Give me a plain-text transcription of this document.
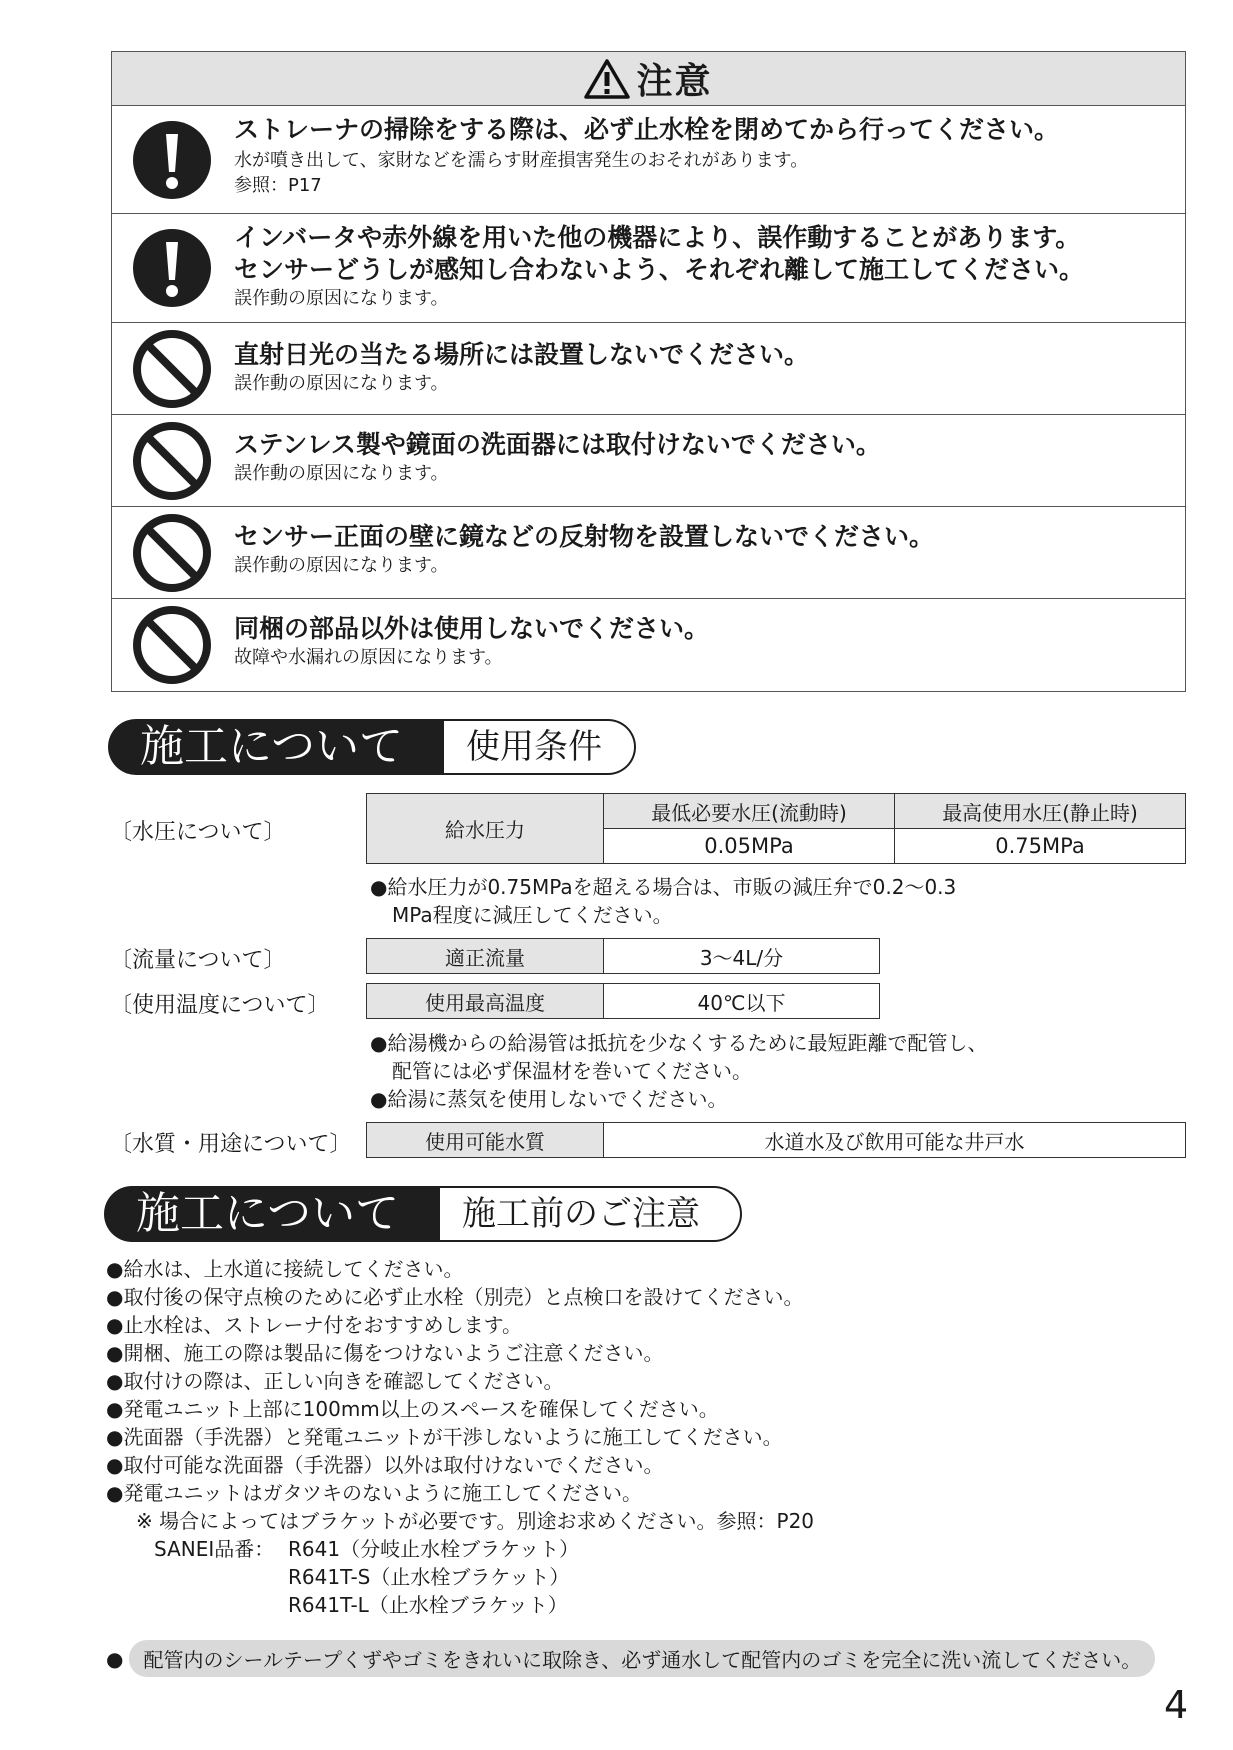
注意
ストレーナの掃除をする際は、必ず止水栓を閉めてから行ってください。
水が噴き出して、家財などを濡らす財産損害発生のおそれがあります。
参照：P17
インバータや赤外線を用いた他の機器により、誤作動することがあります。
センサーどうしが感知し合わないよう、それぞれ離して施工してください。
誤作動の原因になります。
直射日光の当たる場所には設置しないでください。
誤作動の原因になります。
ステンレス製や鏡面の洗面器には取付けないでください。
誤作動の原因になります。
センサー正面の壁に鏡などの反射物を設置しないでください。
誤作動の原因になります。
同梱の部品以外は使用しないでください。
故障や水漏れの原因になります。
施工について	使用条件
〔水圧について〕	給水圧力	最低必要水圧(流動時)	最高使用水圧(静止時)
	0.05MPa	0.75MPa
●給水圧力が0.75MPaを超える場合は、市販の減圧弁で0.2～0.3
MPa程度に減圧してください。
〔流量について〕	適正流量	3～4L/分
〔使用温度について〕	使用最高温度	40℃以下
●給湯機からの給湯管は抵抗を少なくするために最短距離で配管し、
配管には必ず保温材を巻いてください。
●給湯に蒸気を使用しないでください。
〔水質・用途について〕	使用可能水質	水道水及び飲用可能な井戸水
施工について	施工前のご注意
●給水は、上水道に接続してください。
●取付後の保守点検のために必ず止水栓（別売）と点検口を設けてください。
●止水栓は、ストレーナ付をおすすめします。
●開梱、施工の際は製品に傷をつけないようご注意ください。
●取付けの際は、正しい向きを確認してください。
●発電ユニット上部に100mm以上のスペースを確保してください。
●洗面器（手洗器）と発電ユニットが干渉しないように施工してください。
●取付可能な洗面器（手洗器）以外は取付けないでください。
●発電ユニットはガタツキのないように施工してください。
※ 場合によってはブラケットが必要です。別途お求めください。参照：P20
SANEI品番： R641（分岐止水栓ブラケット）
R641T-S（止水栓ブラケット）
R641T-L（止水栓ブラケット）
●	配管内のシールテープくずやゴミをきれいに取除き、必ず通水して配管内のゴミを完全に洗い流してください。
4
